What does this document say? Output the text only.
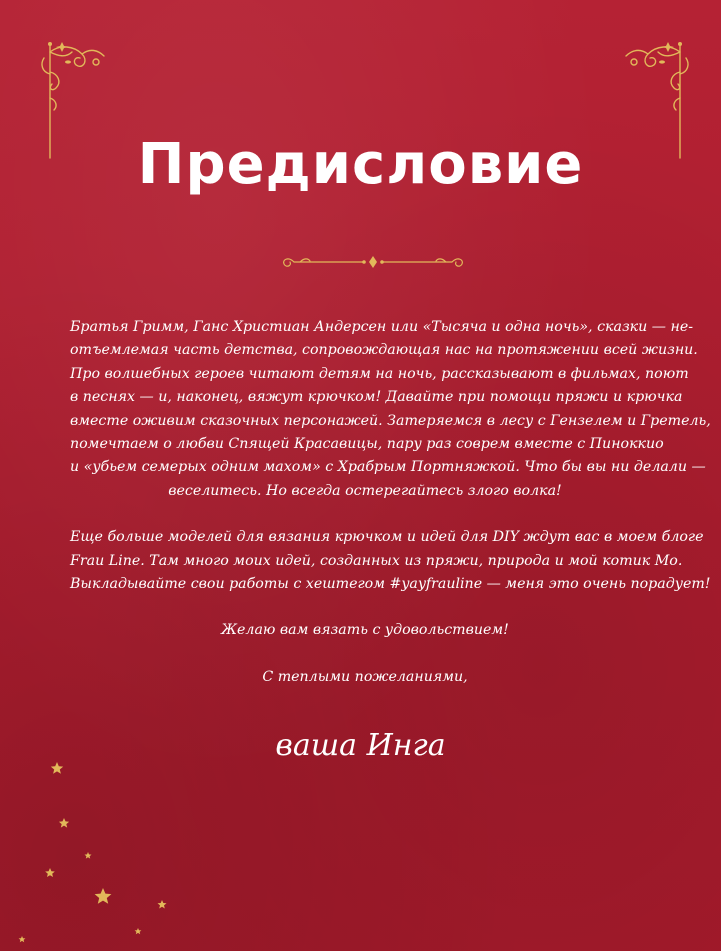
Предисловие

Братья Гримм, Ганс Христиан Андерсен или «Тысяча и одна ночь», сказки — не-
отъемлемая часть детства, сопровождающая нас на протяжении всей жизни.
Про волшебных героев читают детям на ночь, рассказывают в фильмах, поют
в песнях — и, наконец, вяжут крючком! Давайте при помощи пряжи и крючка
вместе оживим сказочных персонажей. Затеряемся в лесу с Гензелем и Гретель,
помечтаем о любви Спящей Красавицы, пару раз соврем вместе с Пиноккио
и «убьем семерых одним махом» с Храбрым Портняжкой. Что бы вы ни делали —
веселитесь. Но всегда остерегайтесь злого волка!

Еще больше моделей для вязания крючком и идей для DIY ждут вас в моем блоге
Frau Line. Там много моих идей, созданных из пряжи, природа и мой котик Мо.
Выкладывайте свои работы с хештегом #yayfrauline — меня это очень порадует!

Желаю вам вязать с удовольствием!

С теплыми пожеланиями,

ваша Инга
